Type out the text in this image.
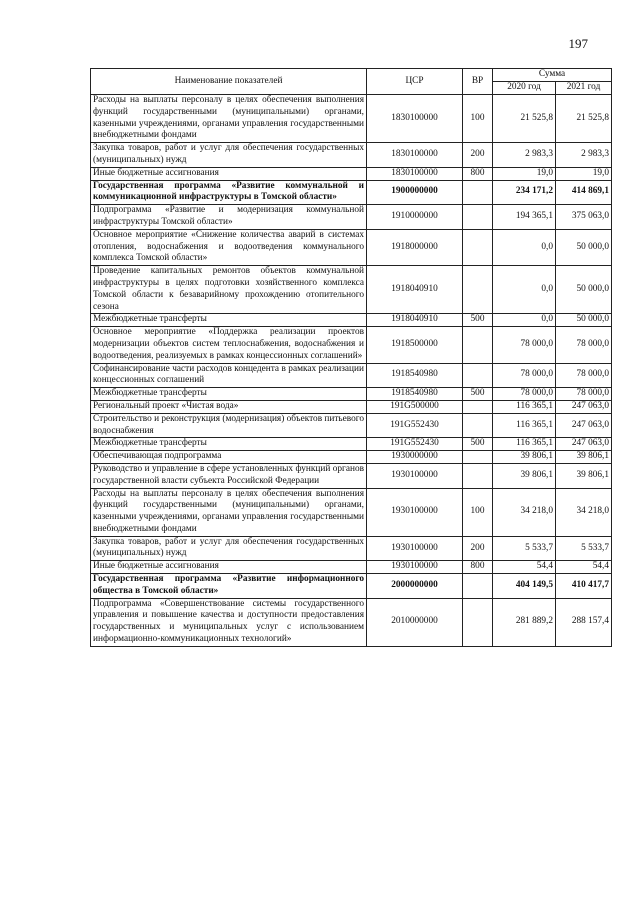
197
Наименование показателей	ЦСР	ВР	Сумма	
			2020 год	2021 год
Расходы на выплаты персоналу в целях обеспечения выполнения функций государственными (муниципальными) органами, казенными учреждениями, органами управления государственными внебюджетными фондами	1830100000	100	21 525,8	21 525,8
Закупка товаров, работ и услуг для обеспечения государственных (муниципальных) нужд	1830100000	200	2 983,3	2 983,3
Иные бюджетные ассигнования	1830100000	800	19,0	19,0
Государственная программа «Развитие коммунальной и коммуникационной инфраструктуры в Томской области»	1900000000		234 171,2	414 869,1
Подпрограмма «Развитие и модернизация коммунальной инфраструктуры Томской области»	1910000000		194 365,1	375 063,0
Основное мероприятие «Снижение количества аварий в системах отопления, водоснабжения и водоотведения коммунального комплекса Томской области»	1918000000		0,0	50 000,0
Проведение капитальных ремонтов объектов коммунальной инфраструктуры в целях подготовки хозяйственного комплекса Томской области к безаварийному прохождению отопительного сезона	1918040910		0,0	50 000,0
Межбюджетные трансферты	1918040910	500	0,0	50 000,0
Основное мероприятие «Поддержка реализации проектов модернизации объектов систем теплоснабжения, водоснабжения и водоотведения, реализуемых в рамках концессионных соглашений»	1918500000		78 000,0	78 000,0
Софинансирование части расходов концедента в рамках реализации концессионных соглашений	1918540980		78 000,0	78 000,0
Межбюджетные трансферты	1918540980	500	78 000,0	78 000,0
Региональный проект «Чистая вода»	191G500000		116 365,1	247 063,0
Строительство и реконструкция (модернизация) объектов питьевого водоснабжения	191G552430		116 365,1	247 063,0
Межбюджетные трансферты	191G552430	500	116 365,1	247 063,0
Обеспечивающая подпрограмма	1930000000		39 806,1	39 806,1
Руководство и управление в сфере установленных функций органов государственной власти субъекта Российской Федерации	1930100000		39 806,1	39 806,1
Расходы на выплаты персоналу в целях обеспечения выполнения функций государственными (муниципальными) органами, казенными учреждениями, органами управления государственными внебюджетными фондами	1930100000	100	34 218,0	34 218,0
Закупка товаров, работ и услуг для обеспечения государственных (муниципальных) нужд	1930100000	200	5 533,7	5 533,7
Иные бюджетные ассигнования	1930100000	800	54,4	54,4
Государственная программа «Развитие информационного общества в Томской области»	2000000000		404 149,5	410 417,7
Подпрограмма «Совершенствование системы государственного управления и повышение качества и доступности предоставления государственных и муниципальных услуг с использованием информационно-коммуникационных технологий»	2010000000		281 889,2	288 157,4
